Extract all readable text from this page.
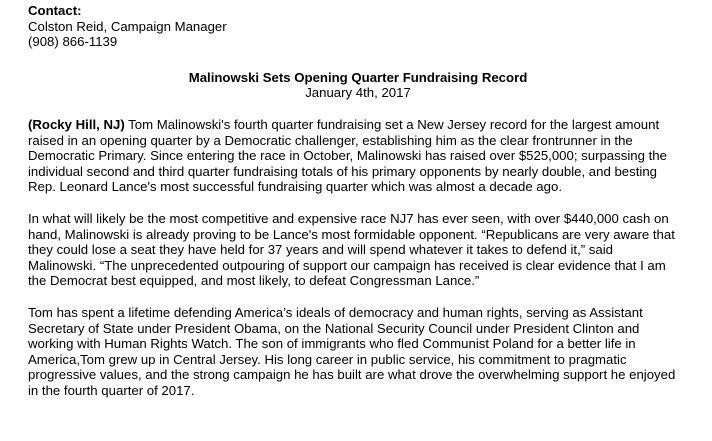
Contact:

Colston Reid, Campaign Manager

(908) 866-1139

Malinowski Sets Opening Quarter Fundraising Record

January 4th, 2017

(Rocky Hill, NJ) Tom Malinowski's fourth quarter fundraising set a New Jersey record for the largest amount raised in an opening quarter by a Democratic challenger, establishing him as the clear frontrunner in the Democratic Primary. Since entering the race in October, Malinowski has raised over $525,000; surpassing the individual second and third quarter fundraising totals of his primary opponents by nearly double, and besting Rep. Leonard Lance's most successful fundraising quarter which was almost a decade ago.

In what will likely be the most competitive and expensive race NJ7 has ever seen, with over $440,000 cash on hand, Malinowski is already proving to be Lance's most formidable opponent. “Republicans are very aware that they could lose a seat they have held for 37 years and will spend whatever it takes to defend it,” said Malinowski. “The unprecedented outpouring of support our campaign has received is clear evidence that I am the Democrat best equipped, and most likely, to defeat Congressman Lance.”

Tom has spent a lifetime defending America’s ideals of democracy and human rights, serving as Assistant Secretary of State under President Obama, on the National Security Council under President Clinton and working with Human Rights Watch. The son of immigrants who fled Communist Poland for a better life in America,Tom grew up in Central Jersey. His long career in public service, his commitment to pragmatic progressive values, and the strong campaign he has built are what drove the overwhelming support he enjoyed in the fourth quarter of 2017.
